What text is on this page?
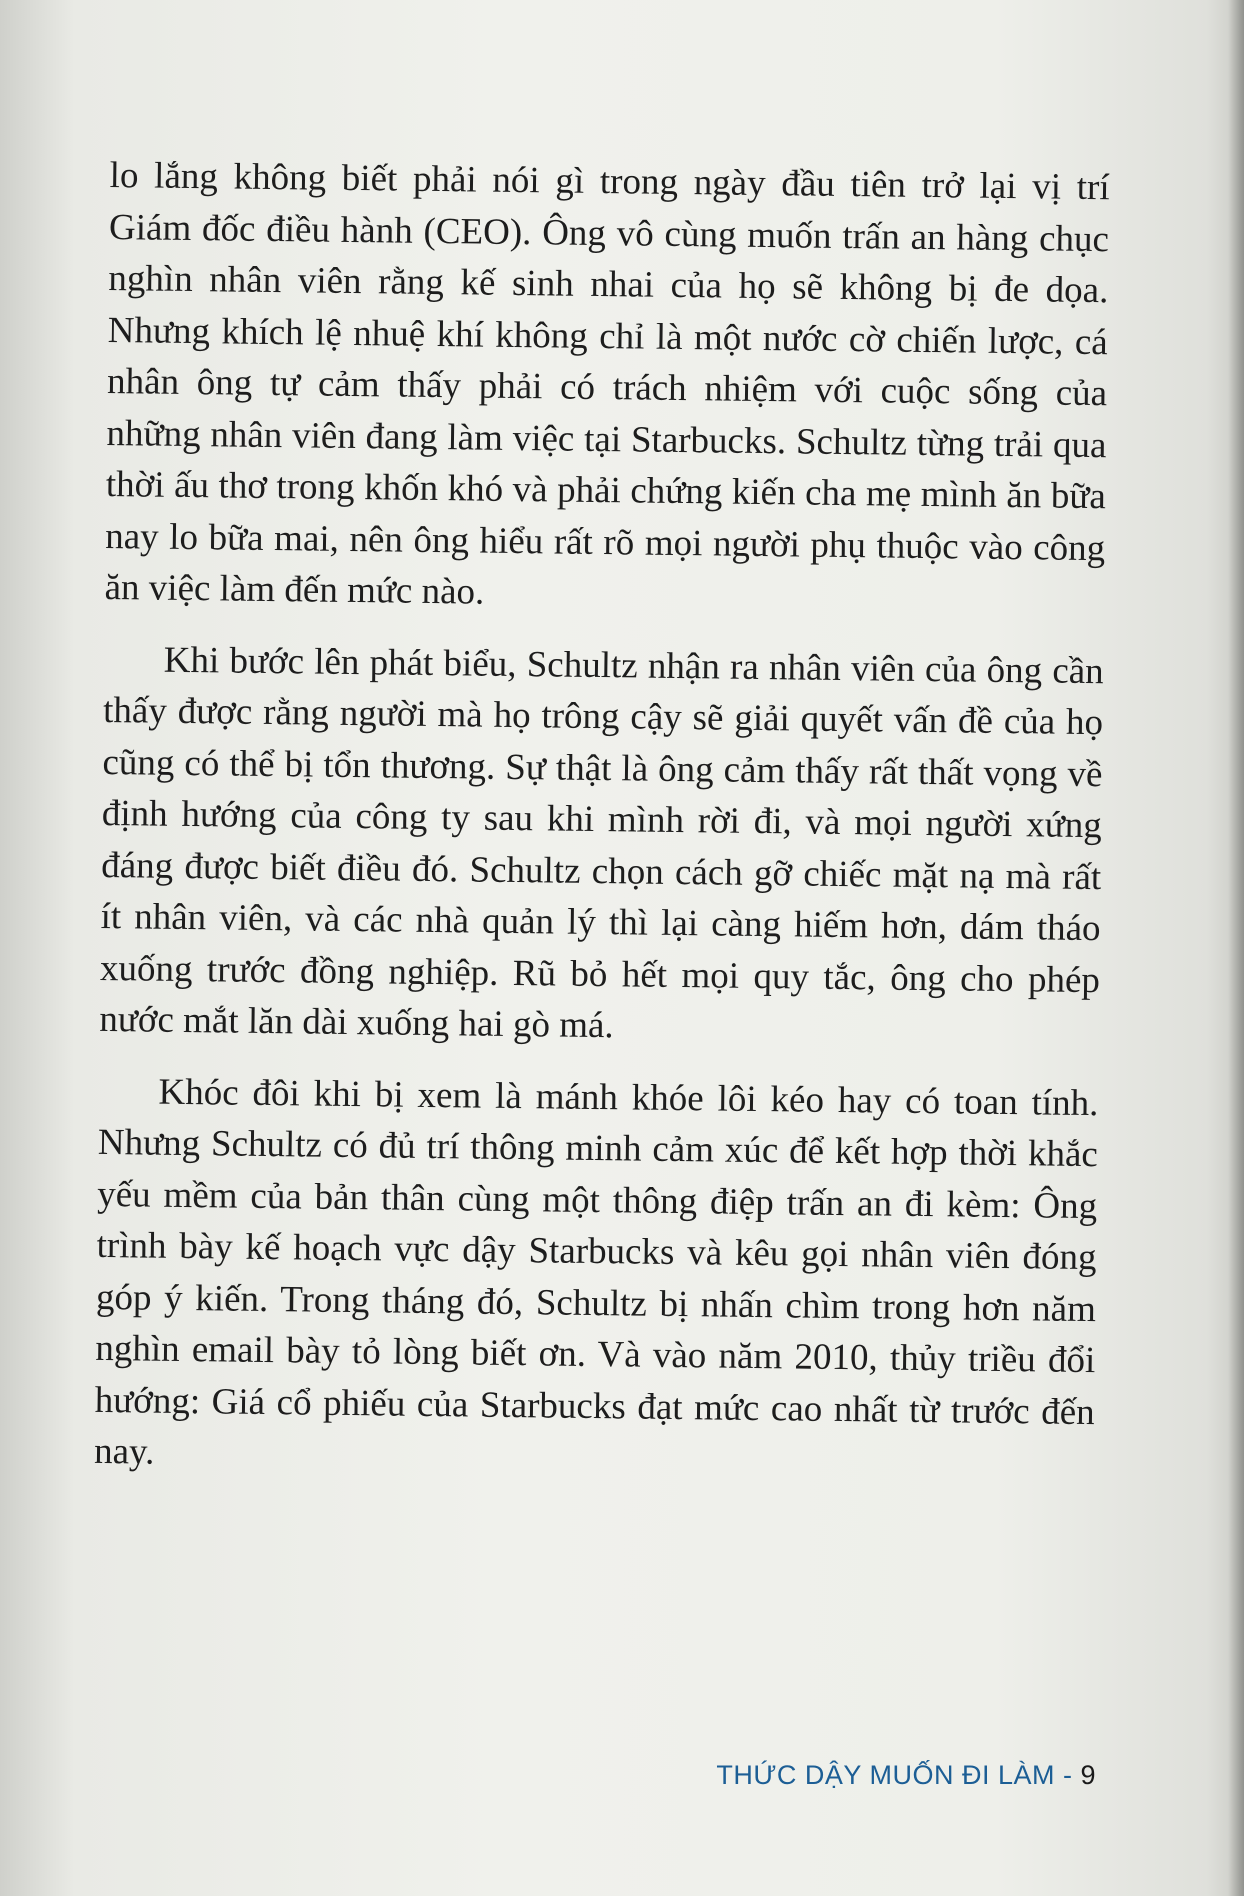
lo lắng không biết phải nói gì trong ngày đầu tiên trở lại vị trí Giám đốc điều hành (CEO). Ông vô cùng muốn trấn an hàng chục nghìn nhân viên rằng kế sinh nhai của họ sẽ không bị đe dọa. Nhưng khích lệ nhuệ khí không chỉ là một nước cờ chiến lược, cá nhân ông tự cảm thấy phải có trách nhiệm với cuộc sống của những nhân viên đang làm việc tại Starbucks. Schultz từng trải qua thời ấu thơ trong khốn khó và phải chứng kiến cha mẹ mình ăn bữa nay lo bữa mai, nên ông hiểu rất rõ mọi người phụ thuộc vào công ăn việc làm đến mức nào.

Khi bước lên phát biểu, Schultz nhận ra nhân viên của ông cần thấy được rằng người mà họ trông cậy sẽ giải quyết vấn đề của họ cũng có thể bị tổn thương. Sự thật là ông cảm thấy rất thất vọng về định hướng của công ty sau khi mình rời đi, và mọi người xứng đáng được biết điều đó. Schultz chọn cách gỡ chiếc mặt nạ mà rất ít nhân viên, và các nhà quản lý thì lại càng hiếm hơn, dám tháo xuống trước đồng nghiệp. Rũ bỏ hết mọi quy tắc, ông cho phép nước mắt lăn dài xuống hai gò má.

Khóc đôi khi bị xem là mánh khóe lôi kéo hay có toan tính. Nhưng Schultz có đủ trí thông minh cảm xúc để kết hợp thời khắc yếu mềm của bản thân cùng một thông điệp trấn an đi kèm: Ông trình bày kế hoạch vực dậy Starbucks và kêu gọi nhân viên đóng góp ý kiến. Trong tháng đó, Schultz bị nhấn chìm trong hơn năm nghìn email bày tỏ lòng biết ơn. Và vào năm 2010, thủy triều đổi hướng: Giá cổ phiếu của Starbucks đạt mức cao nhất từ trước đến nay.

THỨC DẬY MUỐN ĐI LÀM - 9
